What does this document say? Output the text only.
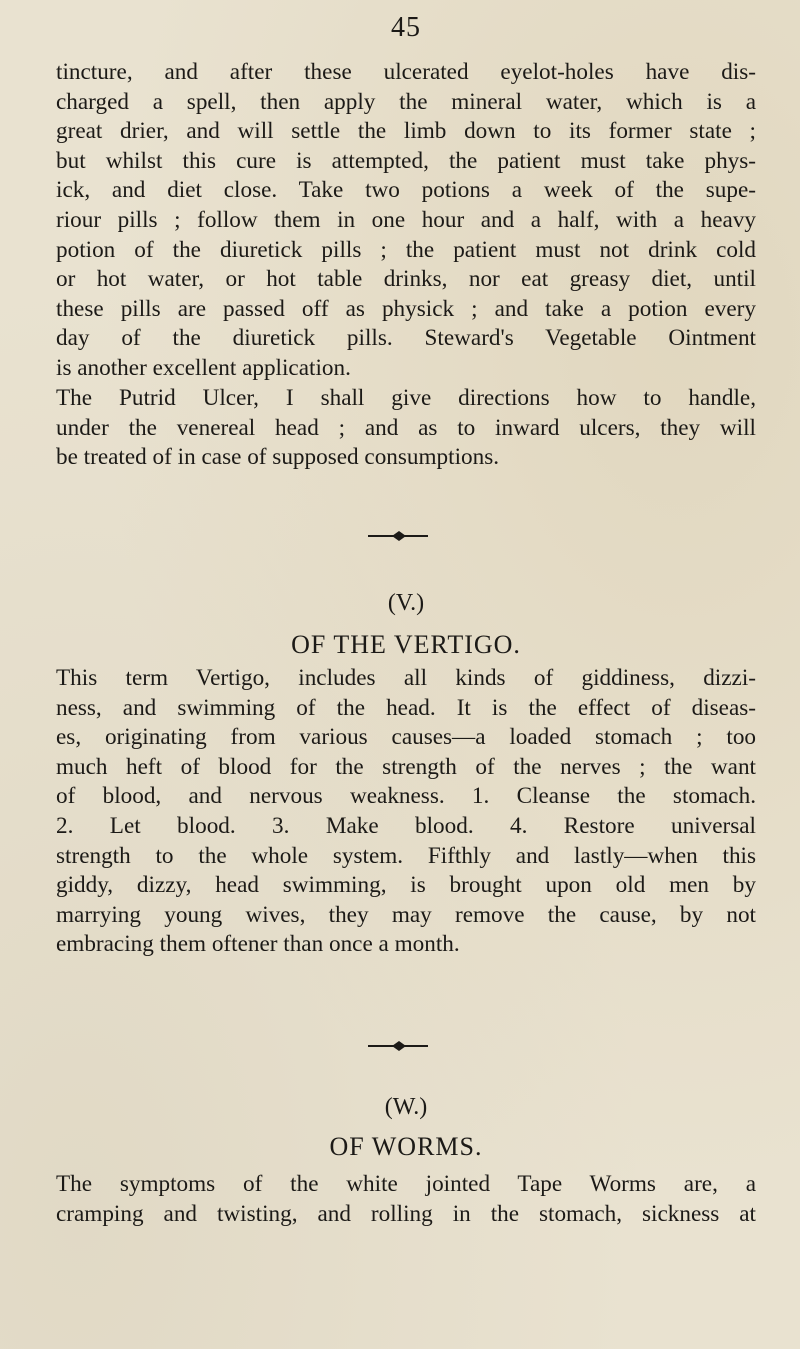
45
tincture, and after these ulcerated eyelot-holes have dis-
charged a spell, then apply the mineral water, which is a
great drier, and will settle the limb down to its former state ;
but whilst this cure is attempted, the patient must take phys-
ick, and diet close. Take two potions a week of the supe-
riour pills ; follow them in one hour and a half, with a heavy
potion of the diuretick pills ; the patient must not drink cold
or hot water, or hot table drinks, nor eat greasy diet, until
these pills are passed off as physick ; and take a potion every
day of the diuretick pills. Steward's Vegetable Ointment
is another excellent application.
The Putrid Ulcer, I shall give directions how to handle,
under the venereal head ; and as to inward ulcers, they will
be treated of in case of supposed consumptions.
(V.)
OF THE VERTIGO.
This term Vertigo, includes all kinds of giddiness, dizzi-
ness, and swimming of the head. It is the effect of diseas-
es, originating from various causes—a loaded stomach ; too
much heft of blood for the strength of the nerves ; the want
of blood, and nervous weakness. 1. Cleanse the stomach.
2. Let blood. 3. Make blood. 4. Restore universal
strength to the whole system. Fifthly and lastly—when this
giddy, dizzy, head swimming, is brought upon old men by
marrying young wives, they may remove the cause, by not
embracing them oftener than once a month.
(W.)
OF WORMS.
The symptoms of the white jointed Tape Worms are, a
cramping and twisting, and rolling in the stomach, sickness at
